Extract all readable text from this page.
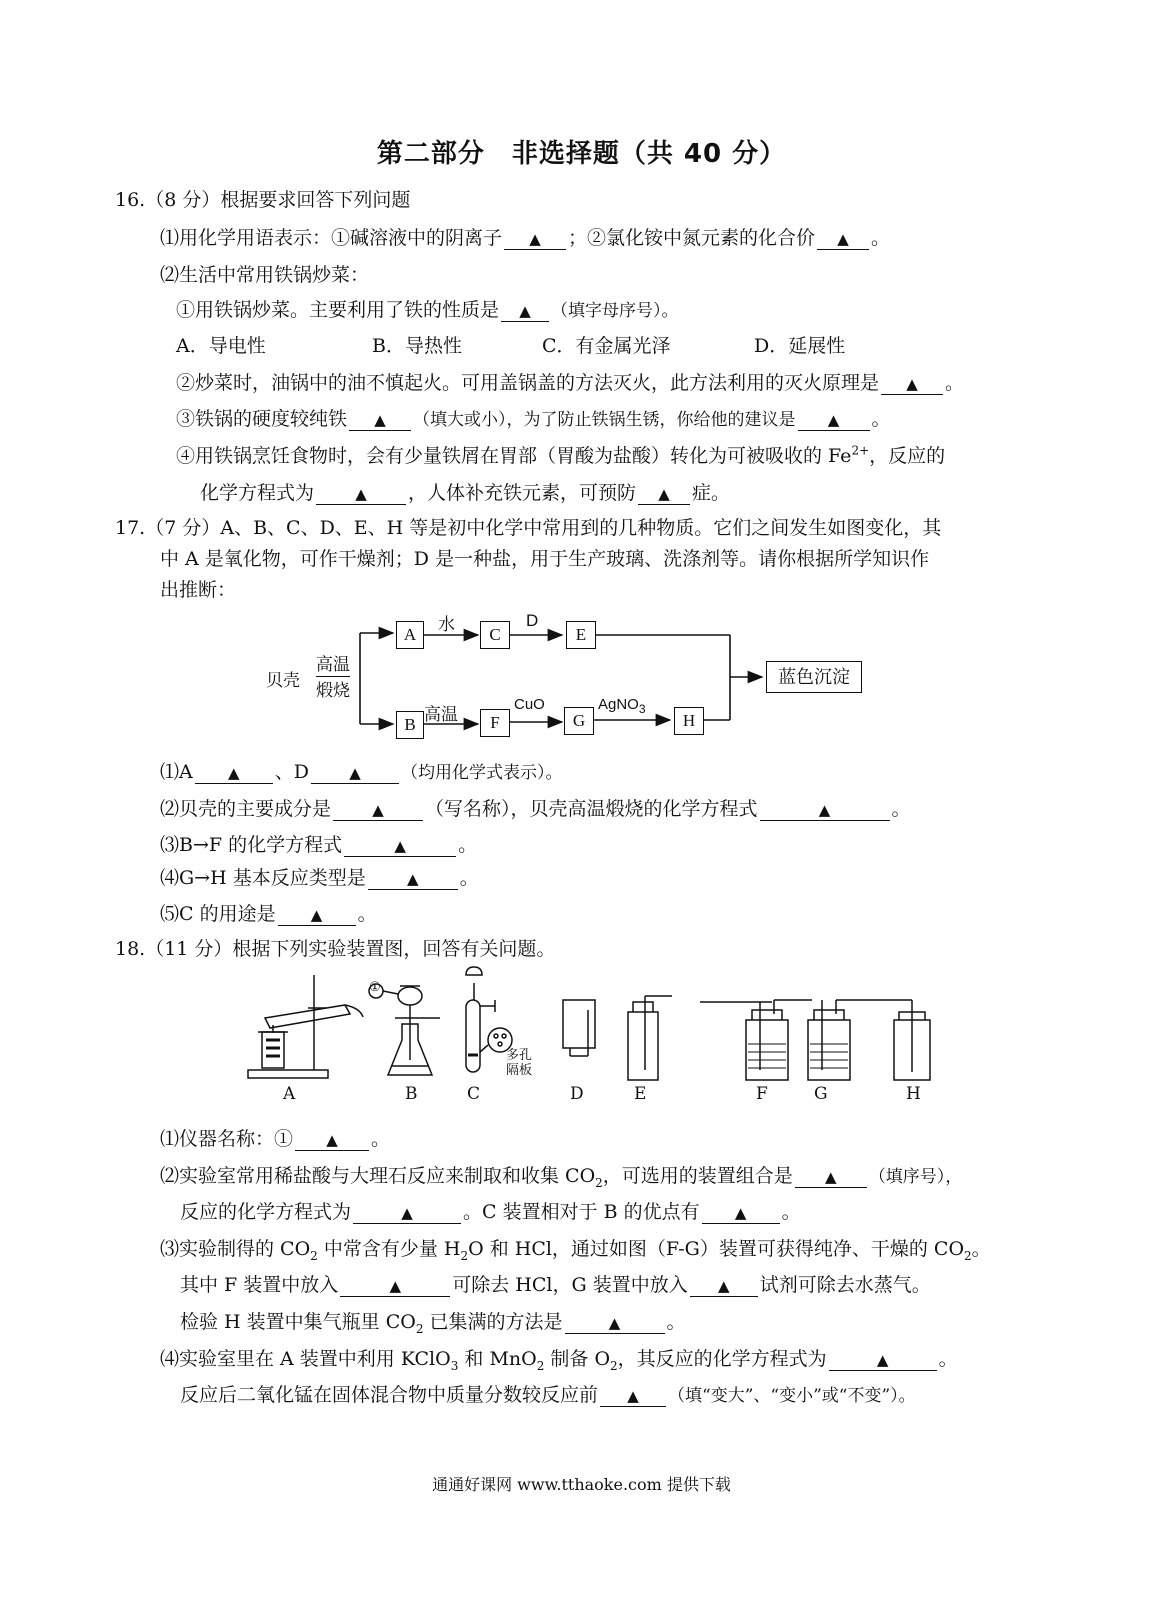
第二部分　非选择题（共 40 分）
16.（8 分）根据要求回答下列问题
⑴用化学用语表示：①碱溶液中的阴离子 ▲ ；②氯化铵中氮元素的化合价 ▲ 。
⑵生活中常用铁锅炒菜：
①用铁锅炒菜。主要利用了铁的性质是 ▲ （填字母序号）。
A．导电性	B．导热性	C．有金属光泽	D．延展性
②炒菜时，油锅中的油不慎起火。可用盖锅盖的方法灭火，此方法利用的灭火原理是 ▲ 。
③铁锅的硬度较纯铁 ▲ （填大或小），为了防止铁锅生锈，你给他的建议是 ▲ 。
④用铁锅烹饪食物时，会有少量铁屑在胃部（胃酸为盐酸）转化为可被吸收的 $Fe^{2+}$，反应的
化学方程式为	▲ ，人体补充铁元素，可预防 ▲ 症。
17.（7 分）A、B、C、D、E、H 等是初中化学中常用到的几种物质。它们之间发生如图变化，其
中 A 是氧化物，可作干燥剂；D 是一种盐，用于生产玻璃、洗涤剂等。请你根据所学知识作
出推断：
贝壳
高温
煅烧
A	C	E
B	F	G	H
蓝色沉淀
水	D
高温
CuO	AgNO$_3$
⑴A ▲ 、D	▲ （均用化学式表示）。
⑵贝壳的主要成分是	▲ （写名称），贝壳高温煅烧的化学方程式	▲	。
⑶B→F 的化学方程式	▲	。
⑷G→H 基本反应类型是	▲ 。
⑸C 的用途是 ▲ 。
18.（11 分）根据下列实验装置图，回答有关问题。
①
多孔
隔板
A	B	C	D	E	F	G	H
⑴仪器名称：① ▲ 。
⑵实验室常用稀盐酸与大理石反应来制取和收集 $CO_2$，可选用的装置组合是 ▲ （填序号），
反应的化学方程式为	▲	。C 装置相对于 B 的优点有 ▲ 。
⑶实验制得的 $CO_2$ 中常含有少量 $H_2O$ 和 HCl，通过如图（F-G）装置可获得纯净、干燥的 $CO_2$。
其中 F 装置中放入	▲	可除去 HCl，G 装置中放入 ▲ 试剂可除去水蒸气。
检验 H 装置中集气瓶里 $CO_2$ 已集满的方法是	▲ 。
⑷实验室里在 A 装置中利用 KClO$_3$ 和 MnO$_2$ 制备 $O_2$，其反应的化学方程式为	▲	。
反应后二氧化锰在固体混合物中质量分数较反应前 ▲ （填“变大”、“变小”或“不变”）。
通通好课网 www.tthaoke.com 提供下载
